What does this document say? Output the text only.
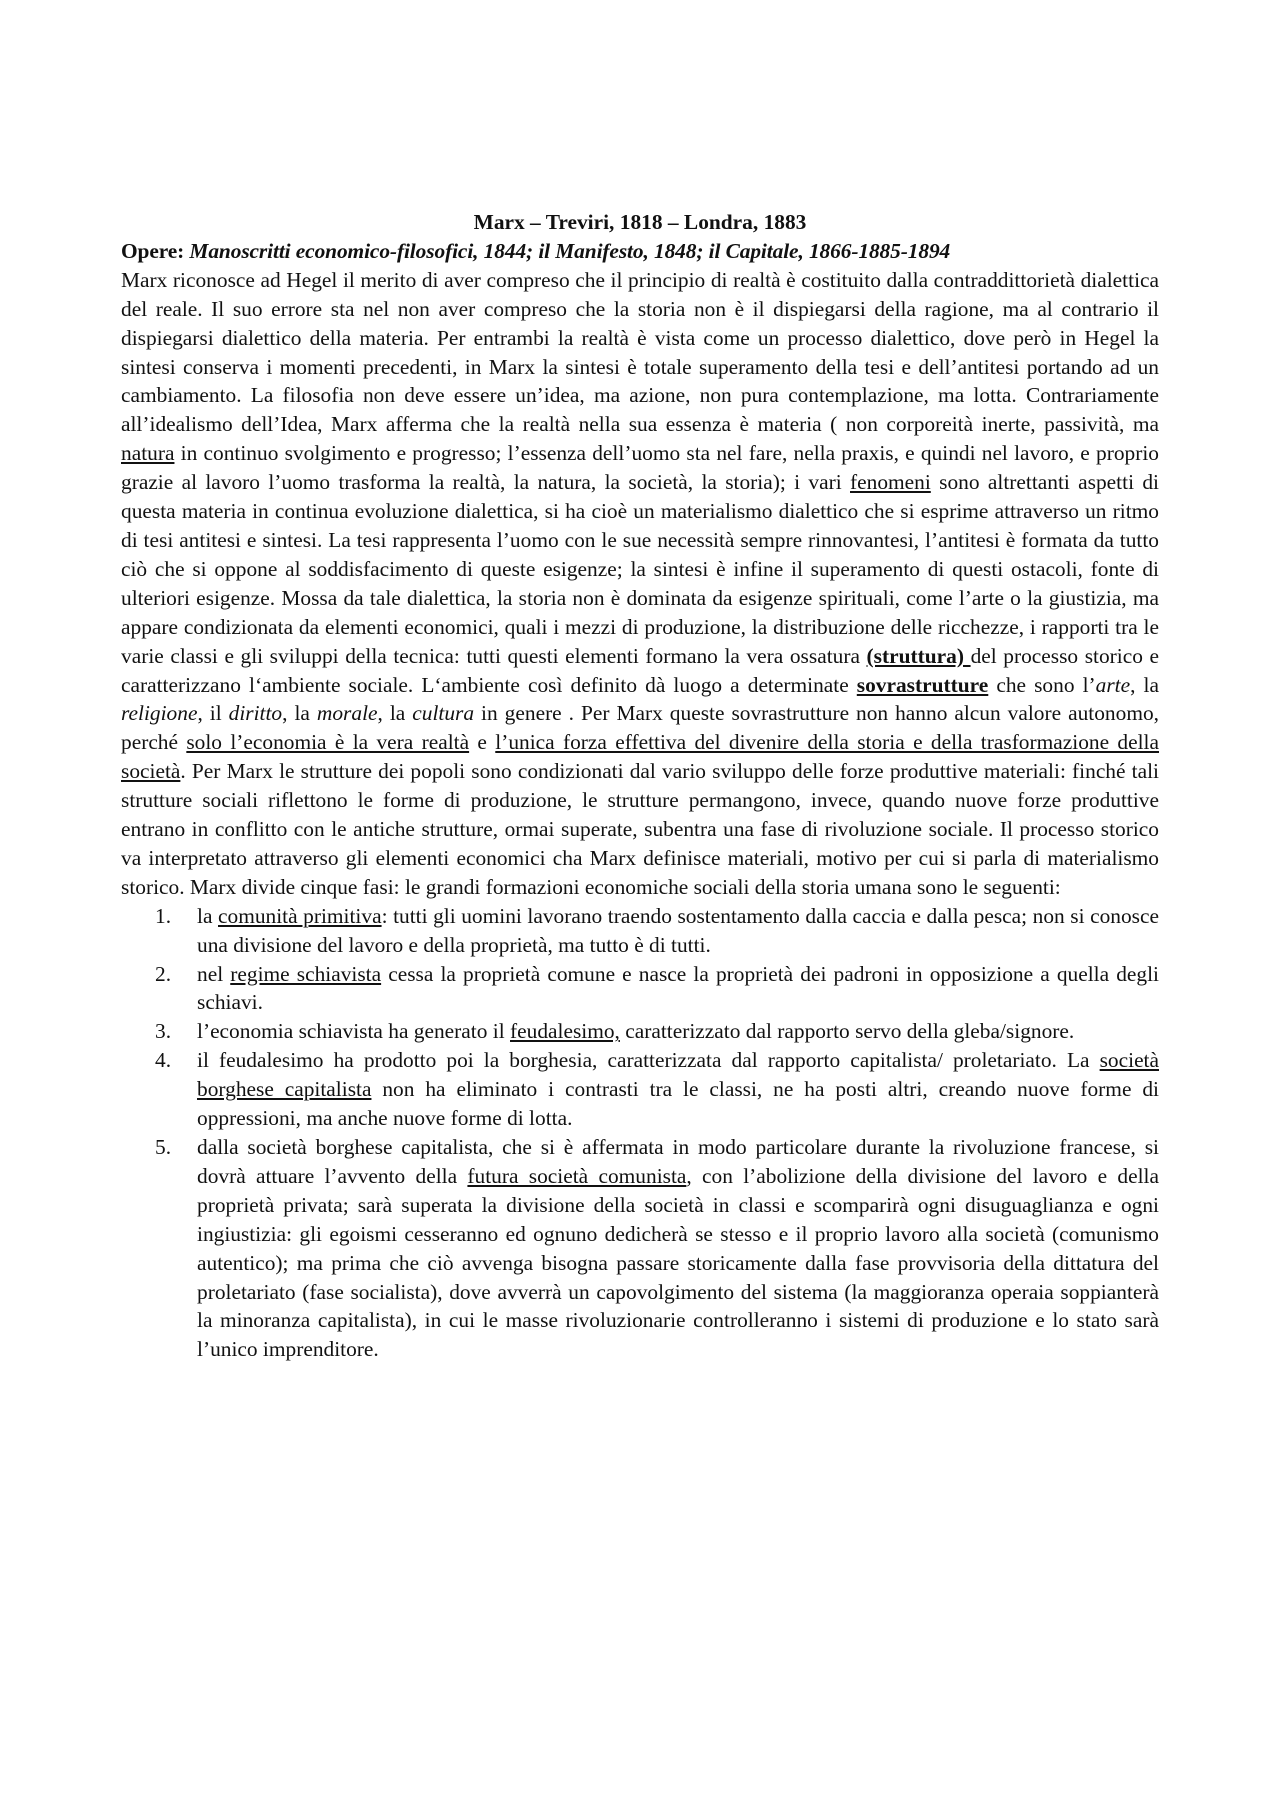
Marx – Treviri, 1818 – Londra, 1883

Opere: Manoscritti economico-filosofici, 1844; il Manifesto, 1848; il Capitale, 1866-1885-1894

Marx riconosce ad Hegel il merito di aver compreso che il principio di realtà è costituito dalla contraddittorietà dialettica del reale. Il suo errore sta nel non aver compreso che la storia non è il dispiegarsi della ragione, ma al contrario il dispiegarsi dialettico della materia. Per entrambi la realtà è vista come un processo dialettico, dove però in Hegel la sintesi conserva i momenti precedenti, in Marx la sintesi è totale superamento della tesi e dell’antitesi portando ad un cambiamento. La filosofia non deve essere un’idea, ma azione, non pura contemplazione, ma lotta. Contrariamente all’idealismo dell’Idea, Marx afferma che la realtà nella sua essenza è materia ( non corporeità inerte, passività, ma natura in continuo svolgimento e progresso; l’essenza dell’uomo sta nel fare, nella praxis, e quindi nel lavoro, e proprio grazie al lavoro l’uomo trasforma la realtà, la natura, la società, la storia); i vari fenomeni sono altrettanti aspetti di questa materia in continua evoluzione dialettica, si ha cioè un materialismo dialettico che si esprime attraverso un ritmo di tesi antitesi e sintesi. La tesi rappresenta l’uomo con le sue necessità sempre rinnovantesi, l’antitesi è formata da tutto ciò che si oppone al soddisfacimento di queste esigenze; la sintesi è infine il superamento di questi ostacoli, fonte di ulteriori esigenze. Mossa da tale dialettica, la storia non è dominata da esigenze spirituali, come l’arte o la giustizia, ma appare condizionata da elementi economici, quali i mezzi di produzione, la distribuzione delle ricchezze, i rapporti tra le varie classi e gli sviluppi della tecnica: tutti questi elementi formano la vera ossatura (struttura) del processo storico e caratterizzano l‘ambiente sociale. L‘ambiente così definito dà luogo a determinate sovrastrutture che sono l’arte, la religione, il diritto, la morale, la cultura in genere . Per Marx queste sovrastrutture non hanno alcun valore autonomo, perché solo l’economia è la vera realtà e l’unica forza effettiva del divenire della storia e della trasformazione della società. Per Marx le strutture dei popoli sono condizionati dal vario sviluppo delle forze produttive materiali: finché tali strutture sociali riflettono le forme di produzione, le strutture permangono, invece, quando nuove forze produttive entrano in conflitto con le antiche strutture, ormai superate, subentra una fase di rivoluzione sociale. Il processo storico va interpretato attraverso gli elementi economici cha Marx definisce materiali, motivo per cui si parla di materialismo storico. Marx divide cinque fasi: le grandi formazioni economiche sociali della storia umana sono le seguenti:

1. la comunità primitiva: tutti gli uomini lavorano traendo sostentamento dalla caccia e dalla pesca; non si conosce una divisione del lavoro e della proprietà, ma tutto è di tutti.
2. nel regime schiavista cessa la proprietà comune e nasce la proprietà dei padroni in opposizione a quella degli schiavi.
3. l’economia schiavista ha generato il feudalesimo, caratterizzato dal rapporto servo della gleba/signore.
4. il feudalesimo ha prodotto poi la borghesia, caratterizzata dal rapporto capitalista/ proletariato. La società borghese capitalista non ha eliminato i contrasti tra le classi, ne ha posti altri, creando nuove forme di oppressioni, ma anche nuove forme di lotta.
5. dalla società borghese capitalista, che si è affermata in modo particolare durante la rivoluzione francese, si dovrà attuare l’avvento della futura società comunista, con l’abolizione della divisione del lavoro e della proprietà privata; sarà superata la divisione della società in classi e scomparirà ogni disuguaglianza e ogni ingiustizia: gli egoismi cesseranno ed ognuno dedicherà se stesso e il proprio lavoro alla società (comunismo autentico); ma prima che ciò avvenga bisogna passare storicamente dalla fase provvisoria della dittatura del proletariato (fase socialista), dove avverrà un capovolgimento del sistema (la maggioranza operaia soppianterà la minoranza capitalista), in cui le masse rivoluzionarie controlleranno i sistemi di produzione e lo stato sarà l’unico imprenditore.
